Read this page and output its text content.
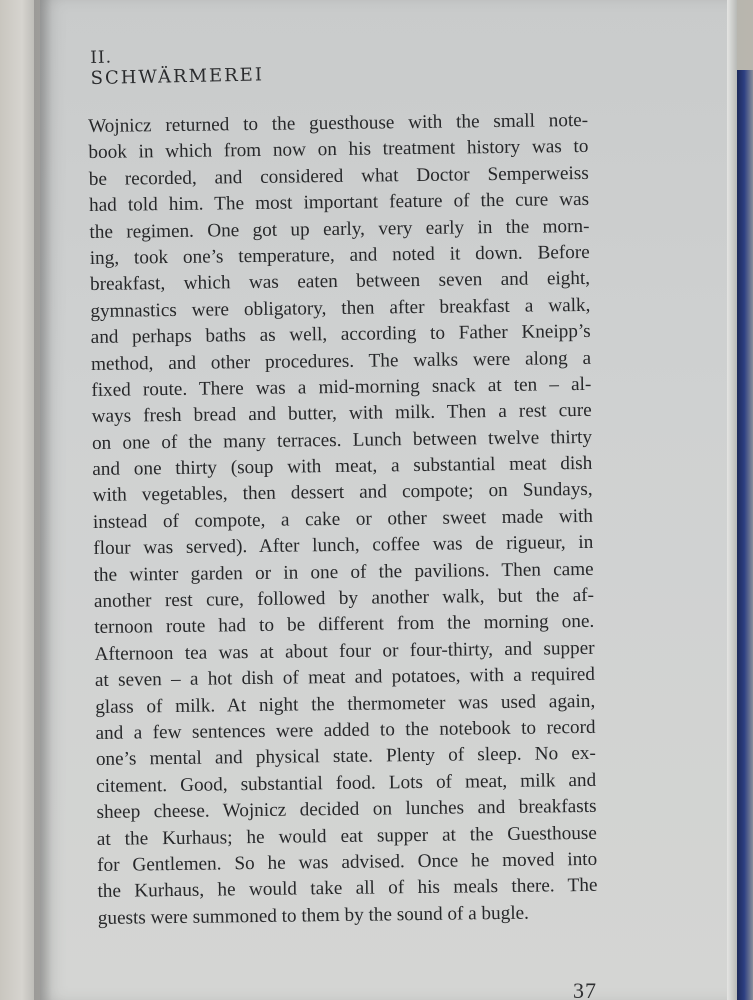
II.
SCHWÄRMEREI
Wojnicz returned to the guesthouse with the small note-
book in which from now on his treatment history was to
be recorded, and considered what Doctor Semperweiss
had told him. The most important feature of the cure was
the regimen. One got up early, very early in the morn-
ing, took one’s temperature, and noted it down. Before
breakfast, which was eaten between seven and eight,
gymnastics were obligatory, then after breakfast a walk,
and perhaps baths as well, according to Father Kneipp’s
method, and other procedures. The walks were along a
fixed route. There was a mid-morning snack at ten – al-
ways fresh bread and butter, with milk. Then a rest cure
on one of the many terraces. Lunch between twelve thirty
and one thirty (soup with meat, a substantial meat dish
with vegetables, then dessert and compote; on Sundays,
instead of compote, a cake or other sweet made with
flour was served). After lunch, coffee was de rigueur, in
the winter garden or in one of the pavilions. Then came
another rest cure, followed by another walk, but the af-
ternoon route had to be different from the morning one.
Afternoon tea was at about four or four-thirty, and supper
at seven – a hot dish of meat and potatoes, with a required
glass of milk. At night the thermometer was used again,
and a few sentences were added to the notebook to record
one’s mental and physical state. Plenty of sleep. No ex-
citement. Good, substantial food. Lots of meat, milk and
sheep cheese. Wojnicz decided on lunches and breakfasts
at the Kurhaus; he would eat supper at the Guesthouse
for Gentlemen. So he was advised. Once he moved into
the Kurhaus, he would take all of his meals there. The
guests were summoned to them by the sound of a bugle.
37
